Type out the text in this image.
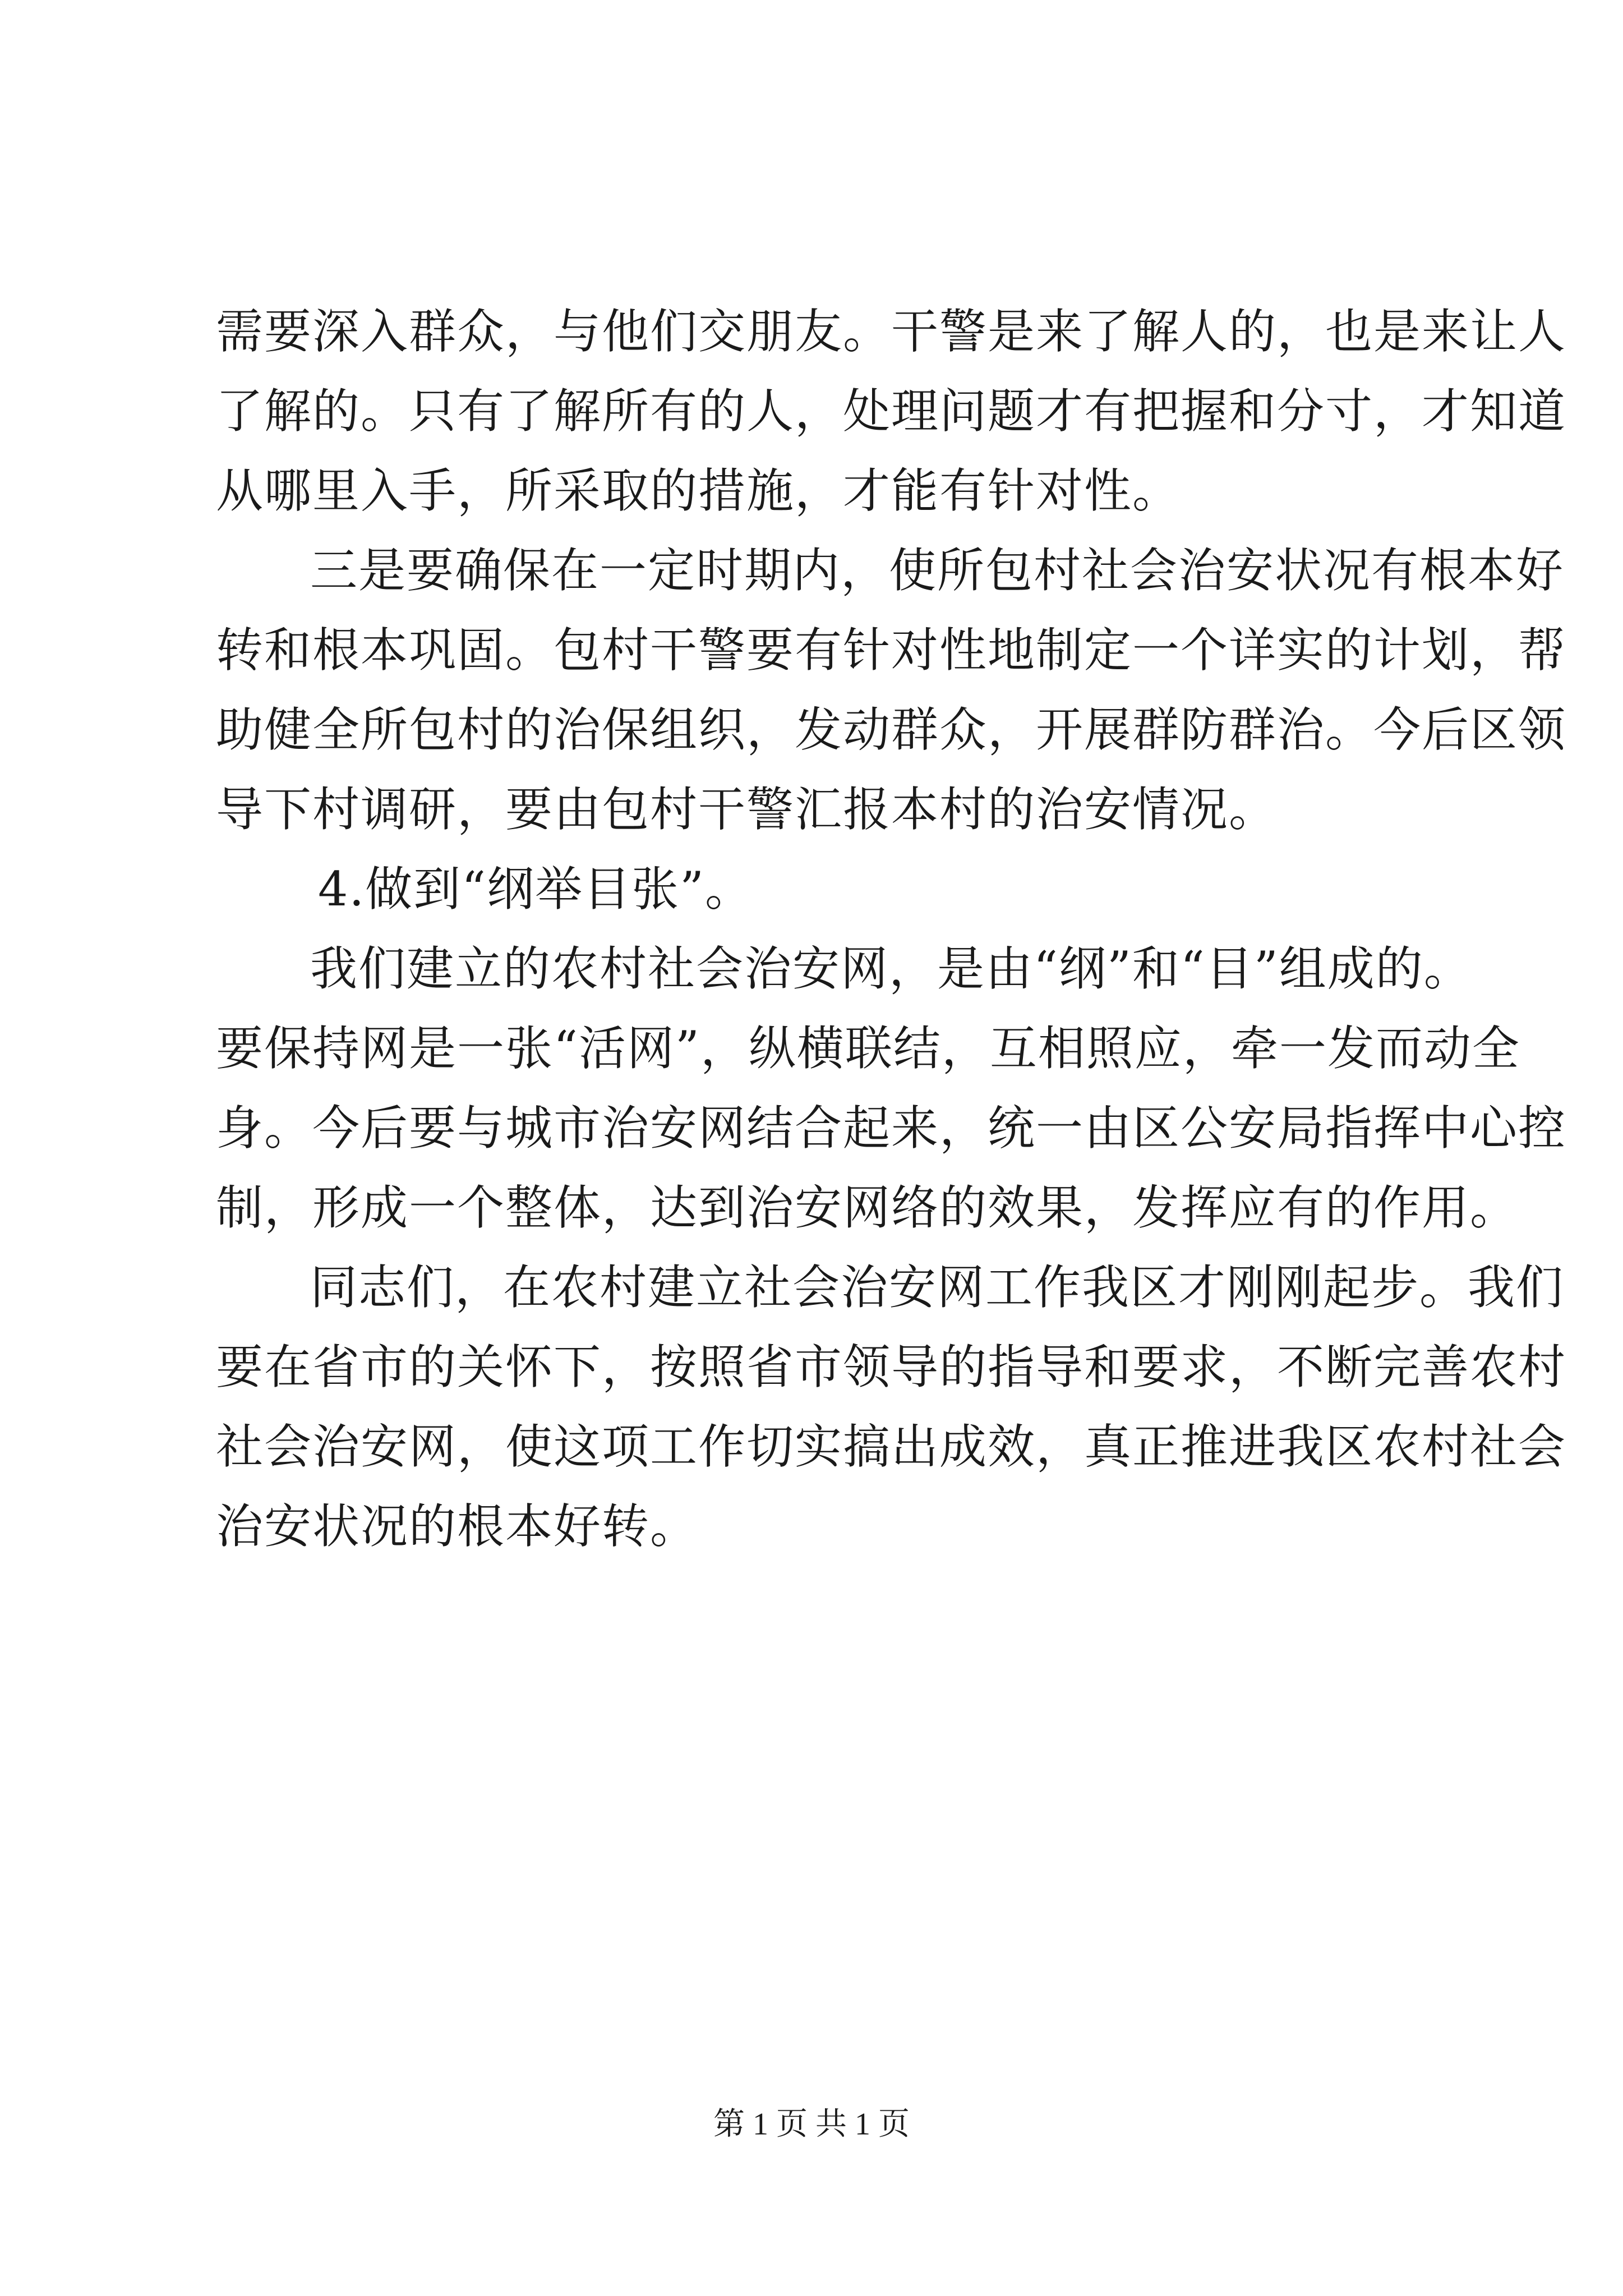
需要深入群众，与他们交朋友。干警是来了解人的，也是来让人
了解的。只有了解所有的人，处理问题才有把握和分寸，才知道
从哪里入手，所采取的措施，才能有针对性。
三是要确保在一定时期内，使所包村社会治安状况有根本好
转和根本巩固。包村干警要有针对性地制定一个详实的计划，帮
助健全所包村的治保组织，发动群众，开展群防群治。今后区领
导下村调研，要由包村干警汇报本村的治安情况。
4.做到“纲举目张”。
我们建立的农村社会治安网，是由“纲”和“目”组成的。
要保持网是一张“活网”，纵横联结，互相照应，牵一发而动全
身。今后要与城市治安网结合起来，统一由区公安局指挥中心控
制，形成一个整体，达到治安网络的效果，发挥应有的作用。
同志们，在农村建立社会治安网工作我区才刚刚起步。我们
要在省市的关怀下，按照省市领导的指导和要求，不断完善农村
社会治安网，使这项工作切实搞出成效，真正推进我区农村社会
治安状况的根本好转。
第 1 页 共 1 页
